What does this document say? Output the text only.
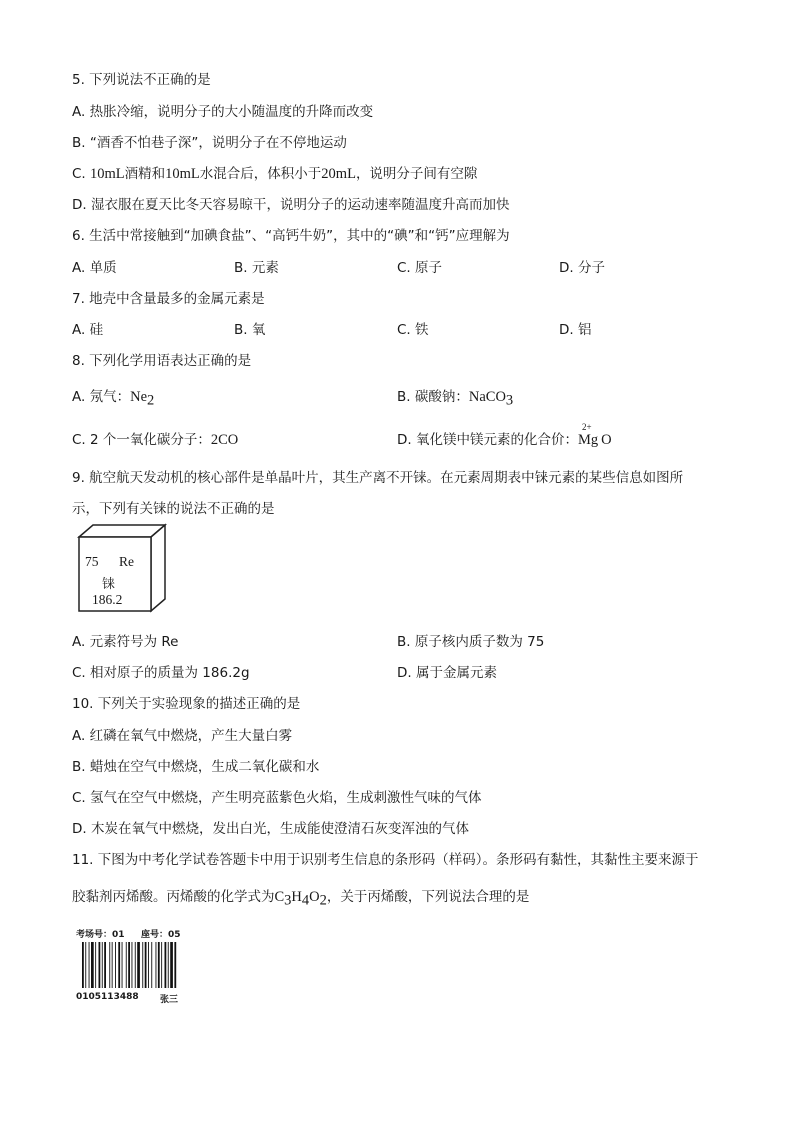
5. 下列说法不正确的是
A. 热胀冷缩，说明分子的大小随温度的升降而改变
B. “酒香不怕巷子深”，说明分子在不停地运动
C. 10mL酒精和10mL水混合后，体积小于20mL，说明分子间有空隙
D. 湿衣服在夏天比冬天容易晾干，说明分子的运动速率随温度升高而加快
6. 生活中常接触到“加碘食盐”、“高钙牛奶”，其中的“碘”和“钙”应理解为
A. 单质	B. 元素	C. 原子	D. 分子
7. 地壳中含量最多的金属元素是
A. 硅	B. 氧	C. 铁	D. 铝
8. 下列化学用语表达正确的是
A. 氖气：$Ne_2$	B. 碳酸钠：NaCO$_3$
C. 2 个一氧化碳分子：2CO	D. 氧化镁中镁元素的化合价：
2+
Mg O
9. 航空航天发动机的核心部件是单晶叶片，其生产离不开铼。在元素周期表中铼元素的某些信息如图所
示，下列有关铼的说法不正确的是
75 Re
铼
186.2
A. 元素符号为 Re	B. 原子核内质子数为 75
C. 相对原子的质量为 186.2g	D. 属于金属元素
10. 下列关于实验现象的描述正确的是
A. 红磷在氧气中燃烧，产生大量白雾
B. 蜡烛在空气中燃烧，生成二氧化碳和水
C. 氢气在空气中燃烧，产生明亮蓝紫色火焰，生成刺激性气味的气体
D. 木炭在氧气中燃烧，发出白光，生成能使澄清石灰变浑浊的气体
11. 下图为中考化学试卷答题卡中用于识别考生信息的条形码（样码）。条形码有黏性，其黏性主要来源于
胶黏剂丙烯酸。丙烯酸的化学式为$C_3H_4O_2$，关于丙烯酸，下列说法合理的是
考场号：01 座号：05
0105113488 张三
